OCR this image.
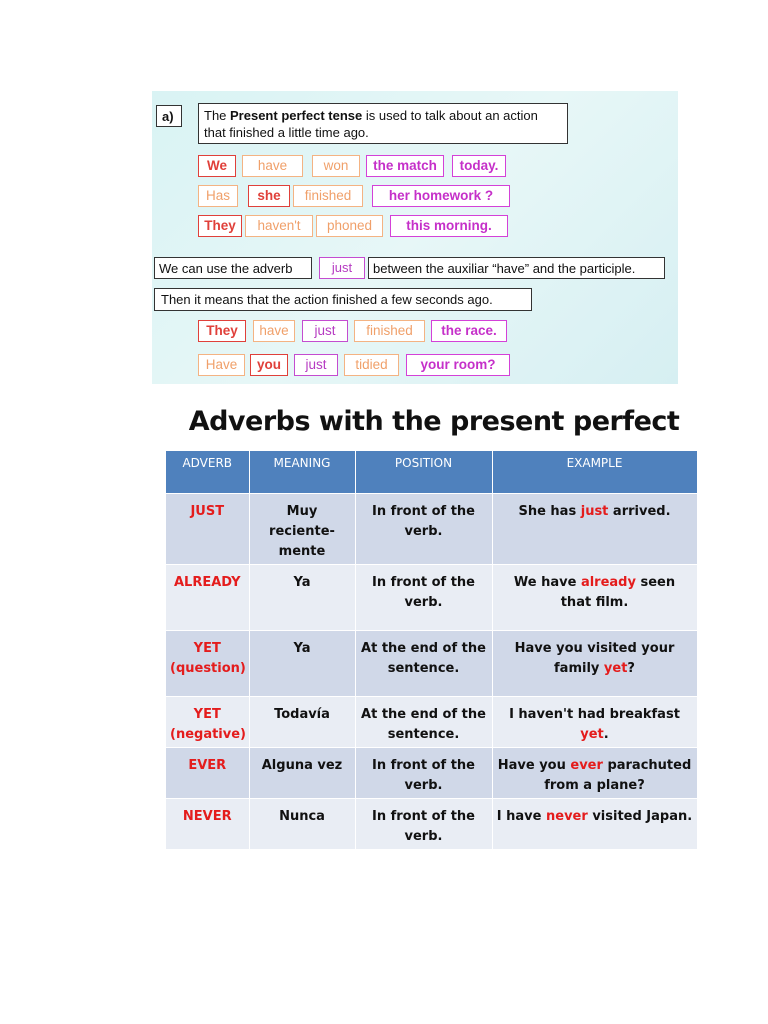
a)	The Present perfect tense is used to talk about an action
that finished a little time ago.
We	have	won	the match	today.
Has	she	finished	her homework ?
They	haven't	phoned	this morning.
We can use the adverb	just	between the auxiliar “have” and the participle.
Then it means that the action finished a few seconds ago.
They	have	just	finished	the race.
Have	you	just	tidied	your room?
Adverbs with the present perfect
ADVERB	MEANING	POSITION	EXAMPLE
JUST	Muy reciente-mente	In front of the verb.	She has just arrived.
ALREADY	Ya	In front of the verb.	We have already seen that film.
YET (question)	Ya	At the end of the sentence.	Have you visited your family yet?
YET (negative)	Todavía	At the end of the sentence.	I haven't had breakfast yet.
EVER	Alguna vez	In front of the verb.	Have you ever parachuted from a plane?
NEVER	Nunca	In front of the verb.	I have never visited Japan.
